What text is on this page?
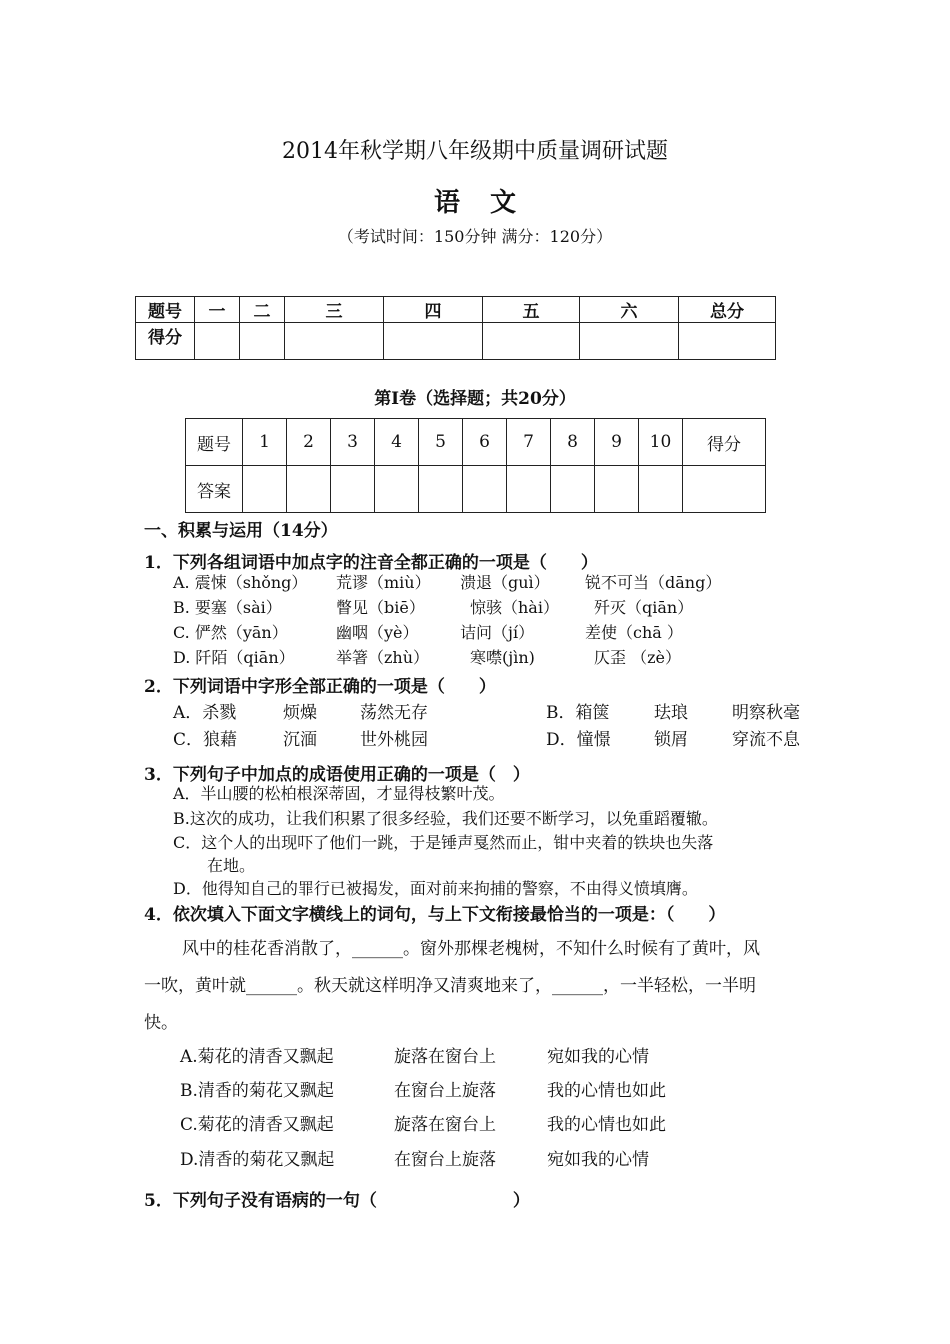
2014年秋学期八年级期中质量调研试题
语文
（考试时间：150分钟 满分：120分）
题号	一	二	三	四	五	六	总分
得分							
第Ⅰ卷（选择题；共20分）
题号	1	2	3	4	5	6	7	8	9	10	得分
答案											
一、积累与运用（14分）
1．下列各组词语中加点字的注音全都正确的一项是（　　）
A. 震悚（shǒng） 荒谬（miù） 溃退（guì） 锐不可当（dāng）
B. 要塞（sài）	瞥见（biē）	惊骇（hài） 歼灭（qiān）
C. 俨然（yān）	幽咽（yè）	诘问（jí）	差使（chā ）
D. 阡陌（qiān）	举箸（zhù）	寒噤(jìn)	仄歪 （zè）
2．下列词语中字形全部正确的一项是（　　）
A．杀戮	烦燥	荡然无存	B．箱箧	珐琅	明察秋毫
C．狼藉	沉湎	世外桃园	D．憧憬	锁屑	穿流不息
3．下列句子中加点的成语使用正确的一项是（　）
A．半山腰的松柏根深蒂固，才显得枝繁叶茂。
B.这次的成功，让我们积累了很多经验，我们还要不断学习，以免重蹈覆辙。
C．这个人的出现吓了他们一跳，于是锤声戛然而止，钳中夹着的铁块也失落
在地。
D．他得知自己的罪行已被揭发，面对前来拘捕的警察，不由得义愤填膺。
4．依次填入下面文字横线上的词句，与上下文衔接最恰当的一项是：（　　）
风中的桂花香消散了，______。窗外那棵老槐树，不知什么时候有了黄叶，风
一吹，黄叶就______。秋天就这样明净又清爽地来了，______，一半轻松，一半明
快。
A.菊花的清香又飘起	旋落在窗台上	宛如我的心情
B.清香的菊花又飘起	在窗台上旋落	我的心情也如此
C.菊花的清香又飘起	旋落在窗台上	我的心情也如此
D.清香的菊花又飘起	在窗台上旋落	宛如我的心情
5．下列句子没有语病的一句（　　　　　　　　）
